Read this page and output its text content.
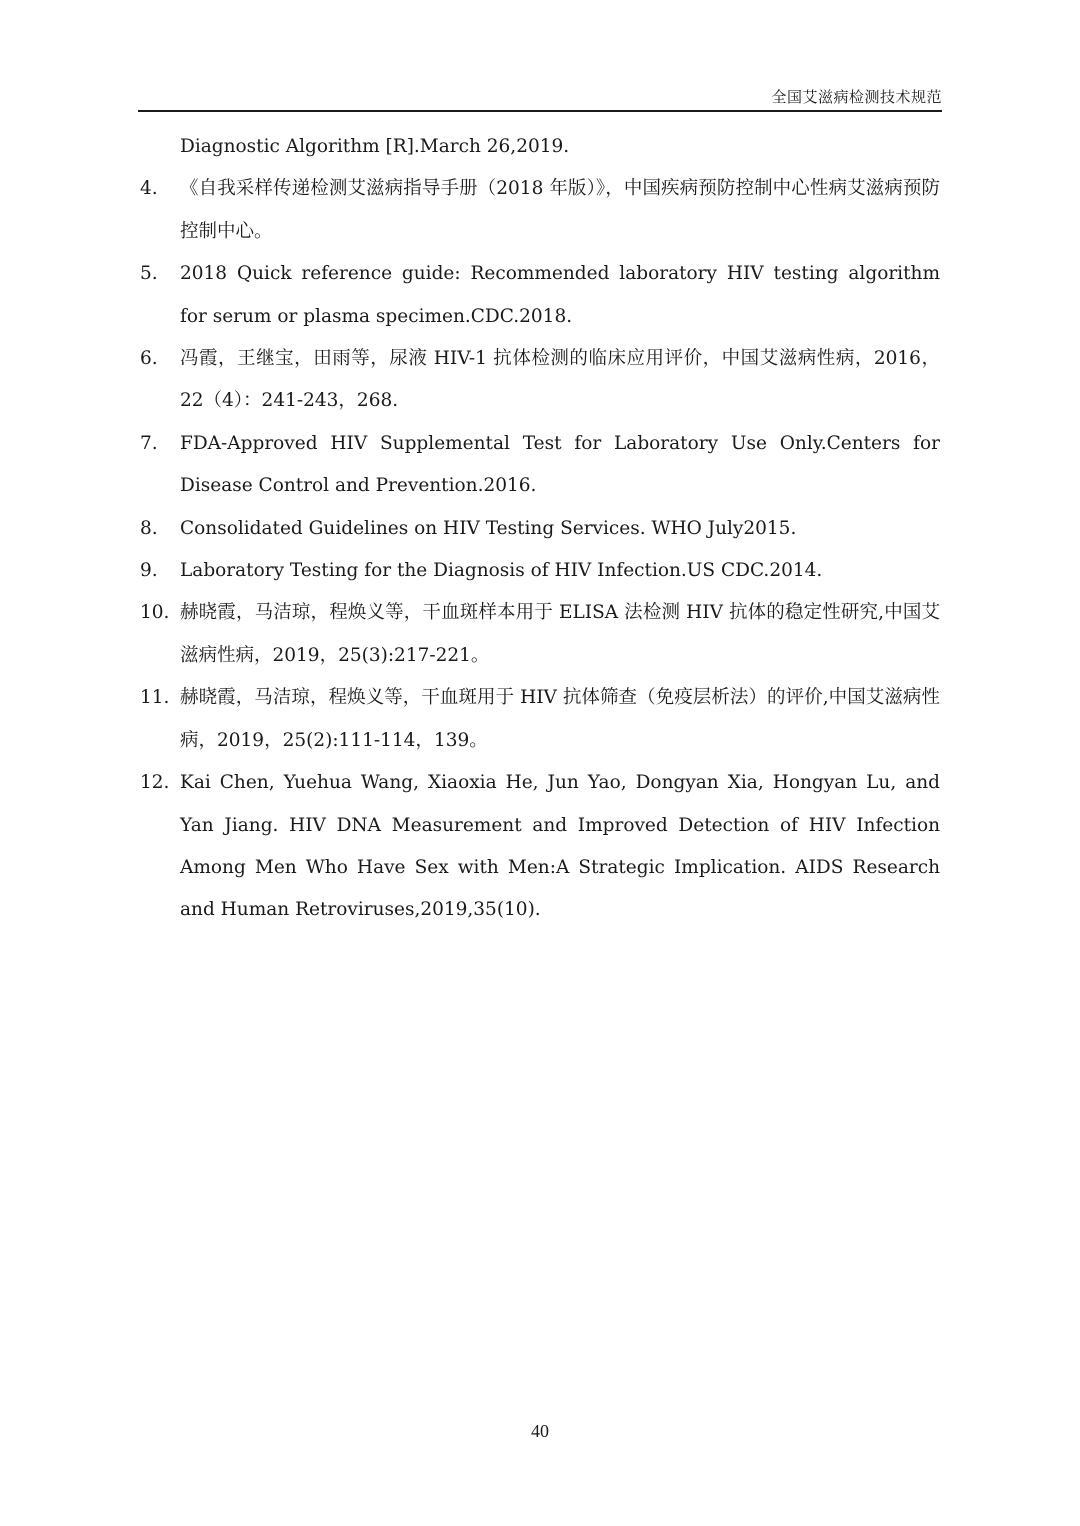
全国艾滋病检测技术规范
Diagnostic Algorithm [R].March 26,2019.
4. 《自我采样传递检测艾滋病指导手册（2018 年版）》，中国疾病预防控制中心性病艾滋病预防控制中心。
5. 2018 Quick reference guide: Recommended laboratory HIV testing algorithm for serum or plasma specimen.CDC.2018.
6. 冯霞，王继宝，田雨等，尿液 HIV-1 抗体检测的临床应用评价，中国艾滋病性病，2016，22（4）：241-243，268.
7. FDA-Approved HIV Supplemental Test for Laboratory Use Only.Centers for Disease Control and Prevention.2016.
8. Consolidated Guidelines on HIV Testing Services. WHO July2015.
9. Laboratory Testing for the Diagnosis of HIV Infection.US CDC.2014.
10. 赫晓霞，马洁琼，程焕义等，干血斑样本用于 ELISA 法检测 HIV 抗体的稳定性研究,中国艾滋病性病，2019，25(3):217-221。
11. 赫晓霞，马洁琼，程焕义等，干血斑用于 HIV 抗体筛查（免疫层析法）的评价,中国艾滋病性病，2019，25(2):111-114，139。
12. Kai Chen, Yuehua Wang, Xiaoxia He, Jun Yao, Dongyan Xia, Hongyan Lu, and Yan Jiang. HIV DNA Measurement and Improved Detection of HIV Infection Among Men Who Have Sex with Men:A Strategic Implication. AIDS Research and Human Retroviruses,2019,35(10).
40
